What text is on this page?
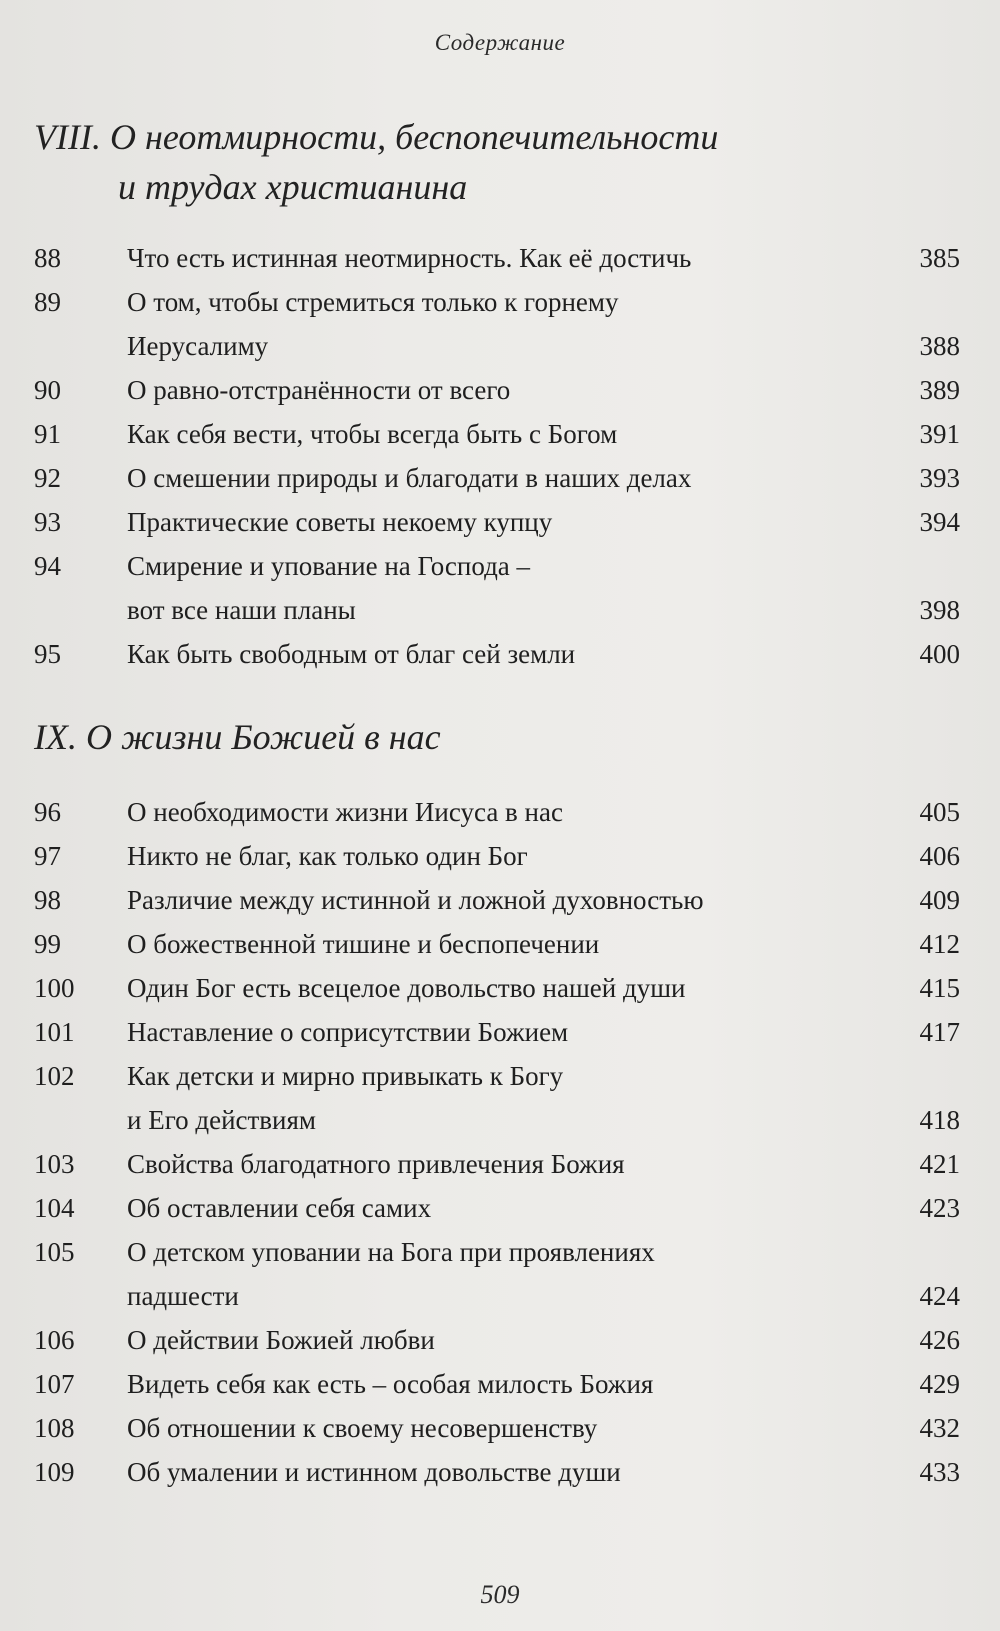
Содержание
VIII. О неотмирности, беспопечительности
и трудах христианина
88 Что есть истинная неотмирность. Как её достичь	385
89 О том, чтобы стремиться только к горнему
Иерусалиму	388
90 О равно-отстранённости от всего	389
91 Как себя вести, чтобы всегда быть с Богом	391
92 О смешении природы и благодати в наших делах	393
93 Практические советы некоему купцу	394
94 Смирение и упование на Господа –
вот все наши планы	398
95 Как быть свободным от благ сей земли	400
IX. О жизни Божией в нас
96 О необходимости жизни Иисуса в нас	405
97 Никто не благ, как только один Бог	406
98 Различие между истинной и ложной духовностью	409
99 О божественной тишине и беспопечении	412
100 Один Бог есть всецелое довольство нашей души	415
101 Наставление о соприсутствии Божием	417
102 Как детски и мирно привыкать к Богу
и Его действиям	418
103 Свойства благодатного привлечения Божия	421
104 Об оставлении себя самих	423
105 О детском уповании на Бога при проявлениях
падшести	424
106 О действии Божией любви	426
107 Видеть себя как есть – особая милость Божия	429
108 Об отношении к своему несовершенству	432
109 Об умалении и истинном довольстве души	433
509
